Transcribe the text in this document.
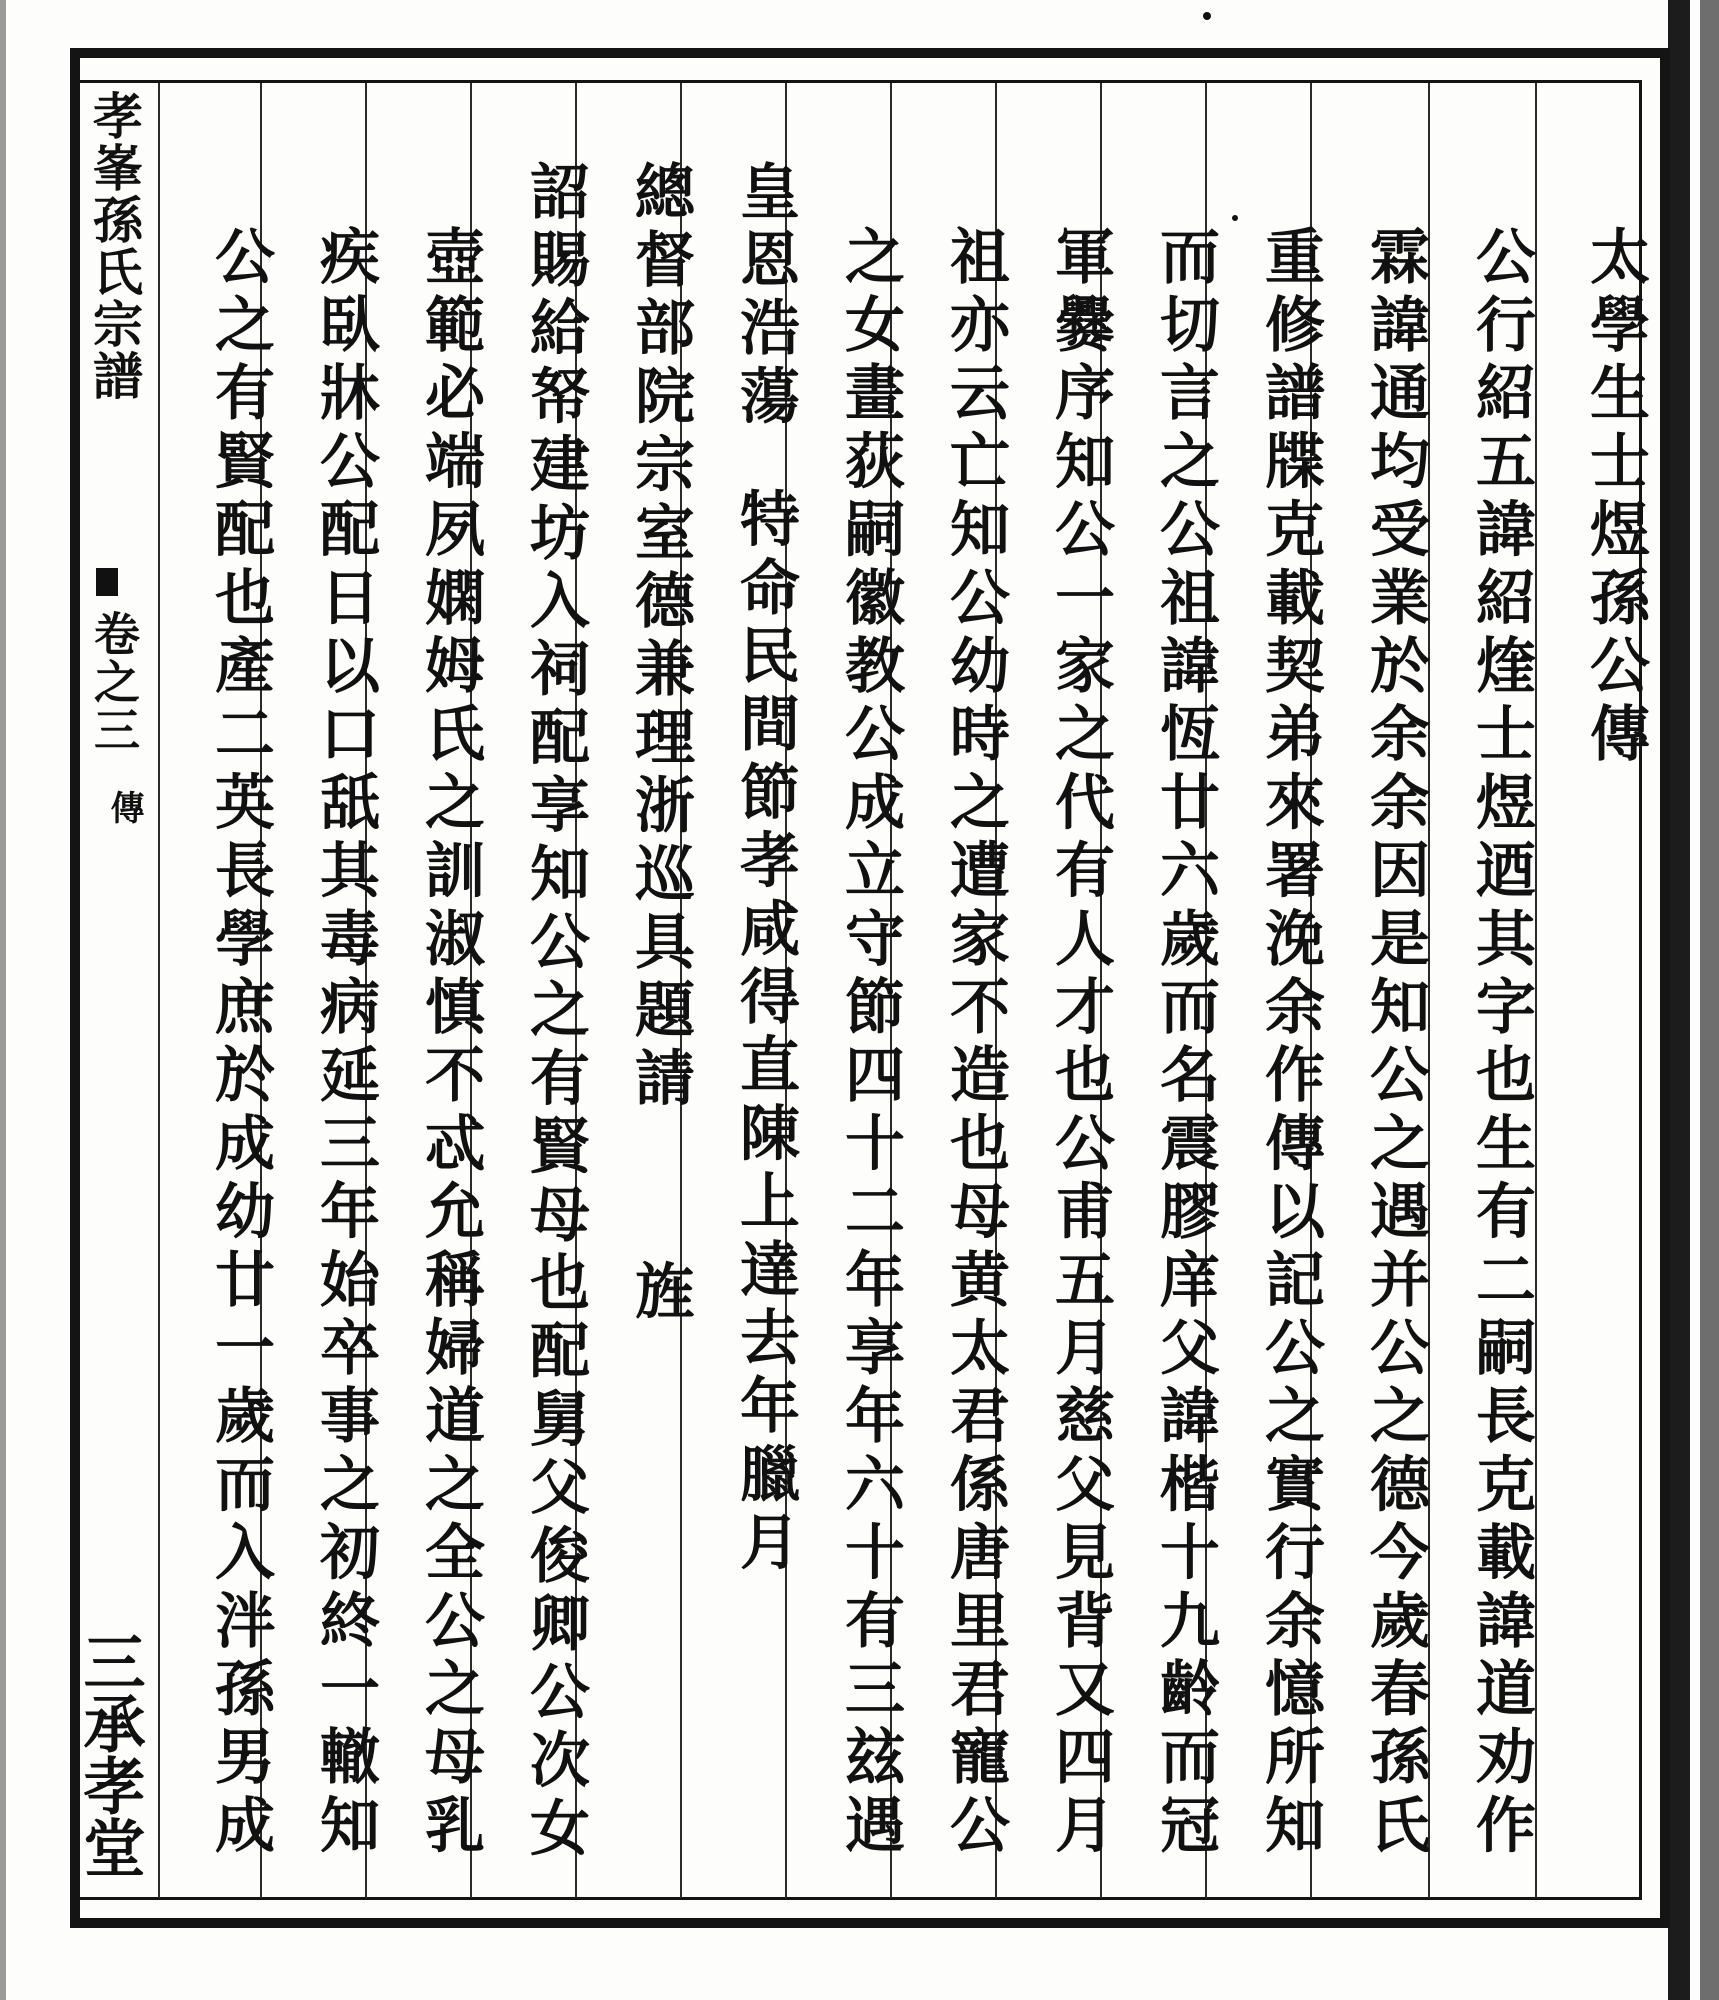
孝峯孫氏宗譜
卷之三
傳
三承孝堂
太學生士煜孫公傳
公行紹五諱紹煃士煜迺其字也生有二嗣長克載諱道劝作
霖諱通均受業於余余因是知公之遇并公之德今歲春孫氏
重修譜牒克載契弟來署浼余作傳以記公之實行余憶所知
而切言之公祖諱恆廿六歲而名震膠庠父諱楷十九齡而冠
軍爨序知公一家之代有人才也公甫五月慈父見背又四月
祖亦云亡知公幼時之遭家不造也母黄太君係唐里君寵公
之女畫荻嗣徽教公成立守節四十二年享年六十有三玆遇
皇恩浩蕩特命民間節孝咸得直陳上達去年臘月
總督部院宗室德兼理浙巡具題請旌
詔賜給帑建坊入祠配享知公之有賢母也配舅父俊卿公次女
壺範必端夙嫻姆氏之訓淑慎不忒允稱婦道之全公之母乳
疾臥牀公配日以口舐其毒病延三年始卒事之初終一轍知
公之有賢配也產二英長學庶於成幼廿一歲而入泮孫男成
